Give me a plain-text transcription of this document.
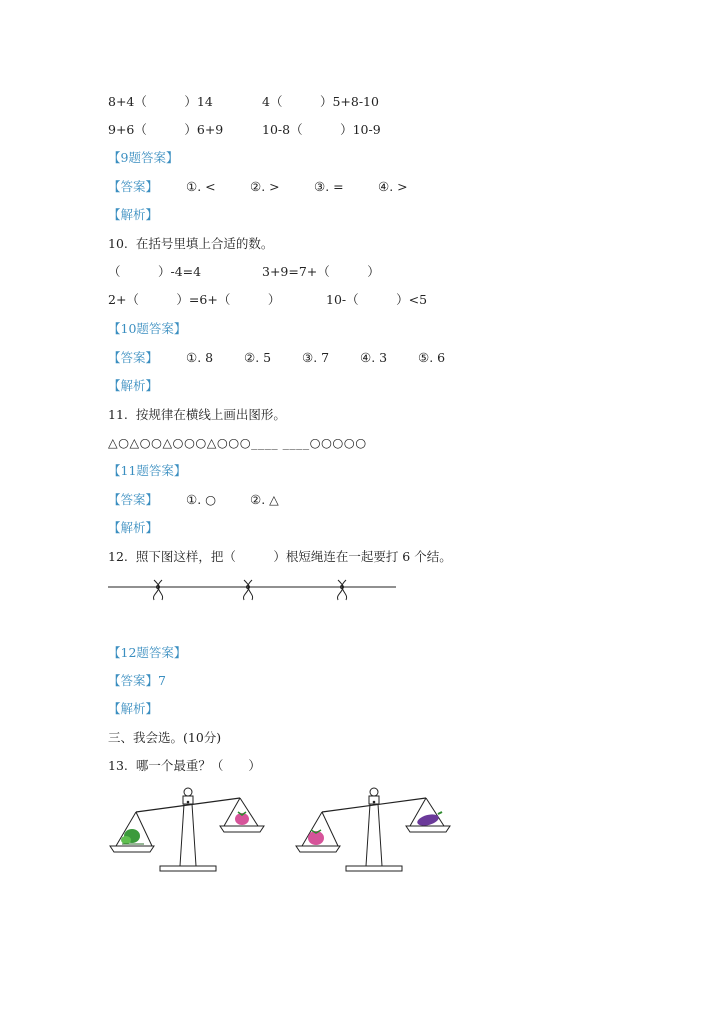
8+4（　　　）14	4（　　　）5+8-10
9+6（　　　）6+9	10-8（　　　）10-9
【9题答案】
【答案】 ①. <	②. >	③. =	④. >
【解析】
10.  在括号里填上合适的数。
（　　　）-4=4	3+9=7+（　　　）
2+（　　　）=6+（　　　）	10-（　　　）<5
【10题答案】
【答案】 ①. 8 ②. 5 ③. 7 ④. 3 ⑤. 6
【解析】
11.  按规律在横线上画出图形。
△○△○○△○○○△○○○____ ____○○○○○
【11题答案】
【答案】 ①. ○	②. △
【解析】
12.  照下图这样，把（　　　）根短绳连在一起要打 6 个结。
【12题答案】
【答案】7
【解析】
三、我会选。(10分)
13.  哪一个最重？（　　）
